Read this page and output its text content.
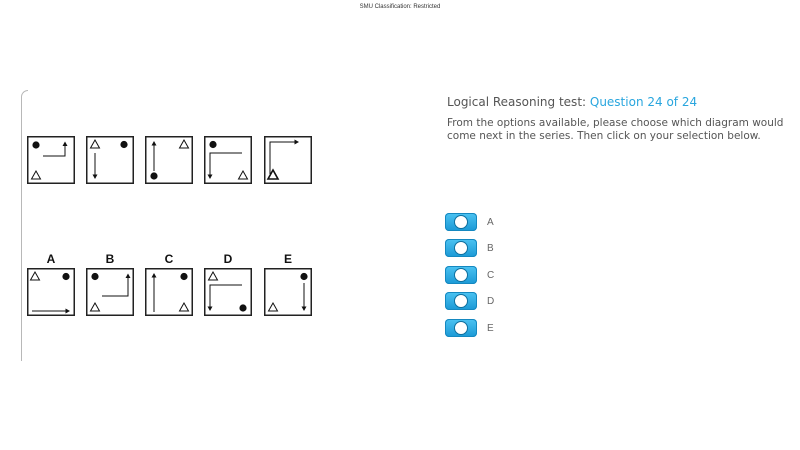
SMU Classification: Restricted
A	B	C	D	E
Logical Reasoning test: Question 24 of 24
From the options available, please choose which diagram would come next in the series. Then click on your selection below.
A
B
C
D
E
